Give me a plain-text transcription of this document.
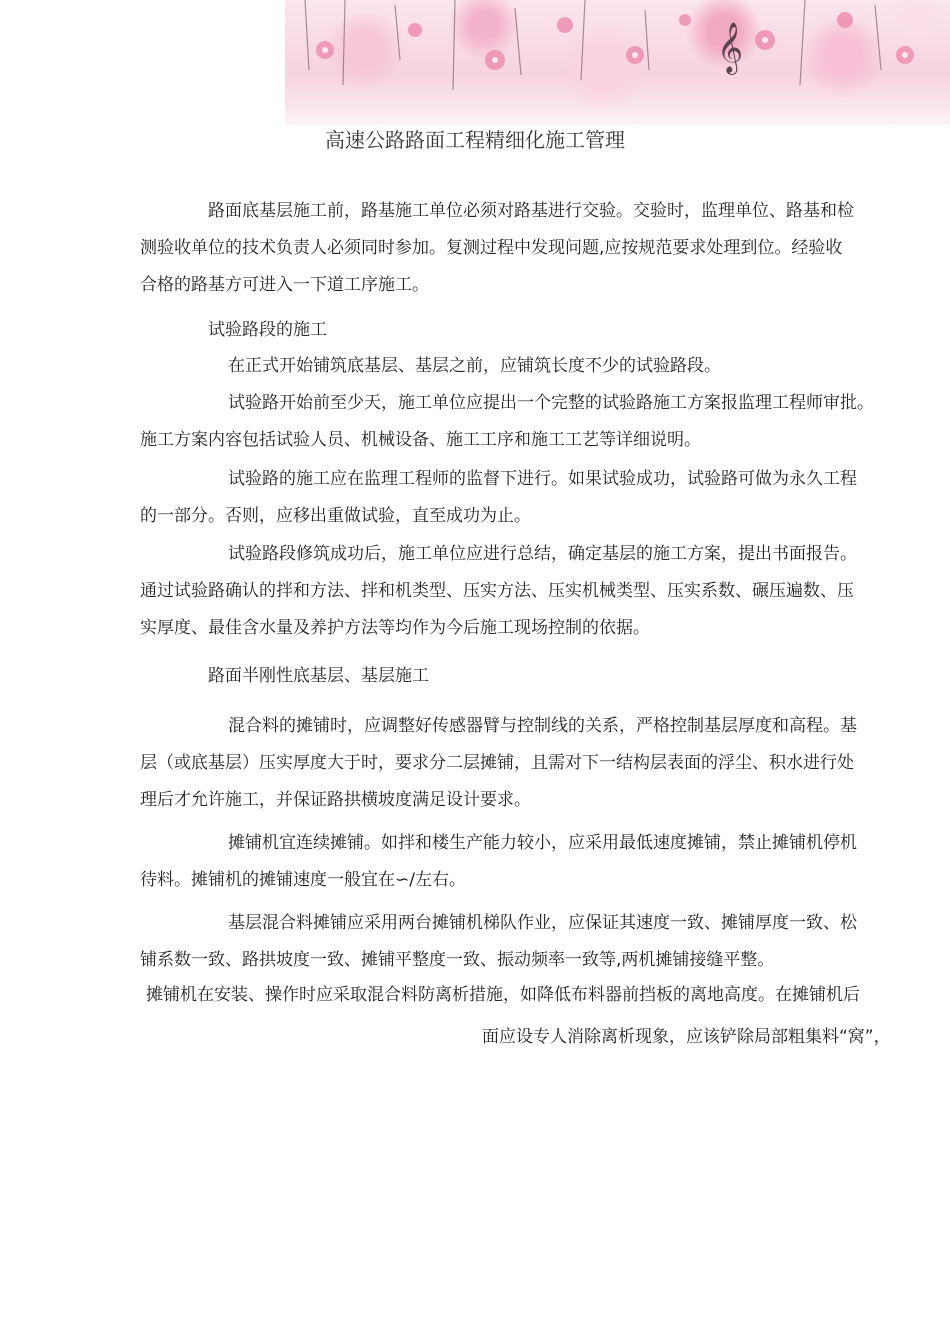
𝄞
高速公路路面工程精细化施工管理
路面底基层施工前，路基施工单位必须对路基进行交验。交验时，监理单位、路基和检
测验收单位的技术负责人必须同时参加。复测过程中发现问题,应按规范要求处理到位。经验收
合格的路基方可进入一下道工序施工。
试验路段的施工
在正式开始铺筑底基层、基层之前，应铺筑长度不少的试验路段。
试验路开始前至少天，施工单位应提出一个完整的试验路施工方案报监理工程师审批。
施工方案内容包括试验人员、机械设备、施工工序和施工工艺等详细说明。
试验路的施工应在监理工程师的监督下进行。如果试验成功，试验路可做为永久工程
的一部分。否则，应移出重做试验，直至成功为止。
试验路段修筑成功后，施工单位应进行总结，确定基层的施工方案，提出书面报告。
通过试验路确认的拌和方法、拌和机类型、压实方法、压实机械类型、压实系数、碾压遍数、压
实厚度、最佳含水量及养护方法等均作为今后施工现场控制的依据。
路面半刚性底基层、基层施工
混合料的摊铺时，应调整好传感器臂与控制线的关系，严格控制基层厚度和高程。基
层（或底基层）压实厚度大于时，要求分二层摊铺，且需对下一结构层表面的浮尘、积水进行处
理后才允许施工，并保证路拱横坡度满足设计要求。
摊铺机宜连续摊铺。如拌和楼生产能力较小，应采用最低速度摊铺，禁止摊铺机停机
待料。摊铺机的摊铺速度一般宜在∽/左右。
基层混合料摊铺应采用两台摊铺机梯队作业，应保证其速度一致、摊铺厚度一致、松
铺系数一致、路拱坡度一致、摊铺平整度一致、振动频率一致等,两机摊铺接缝平整。
摊铺机在安装、操作时应采取混合料防离析措施，如降低布料器前挡板的离地高度。在摊铺机后
面应设专人消除离析现象，应该铲除局部粗集料“窝”，
